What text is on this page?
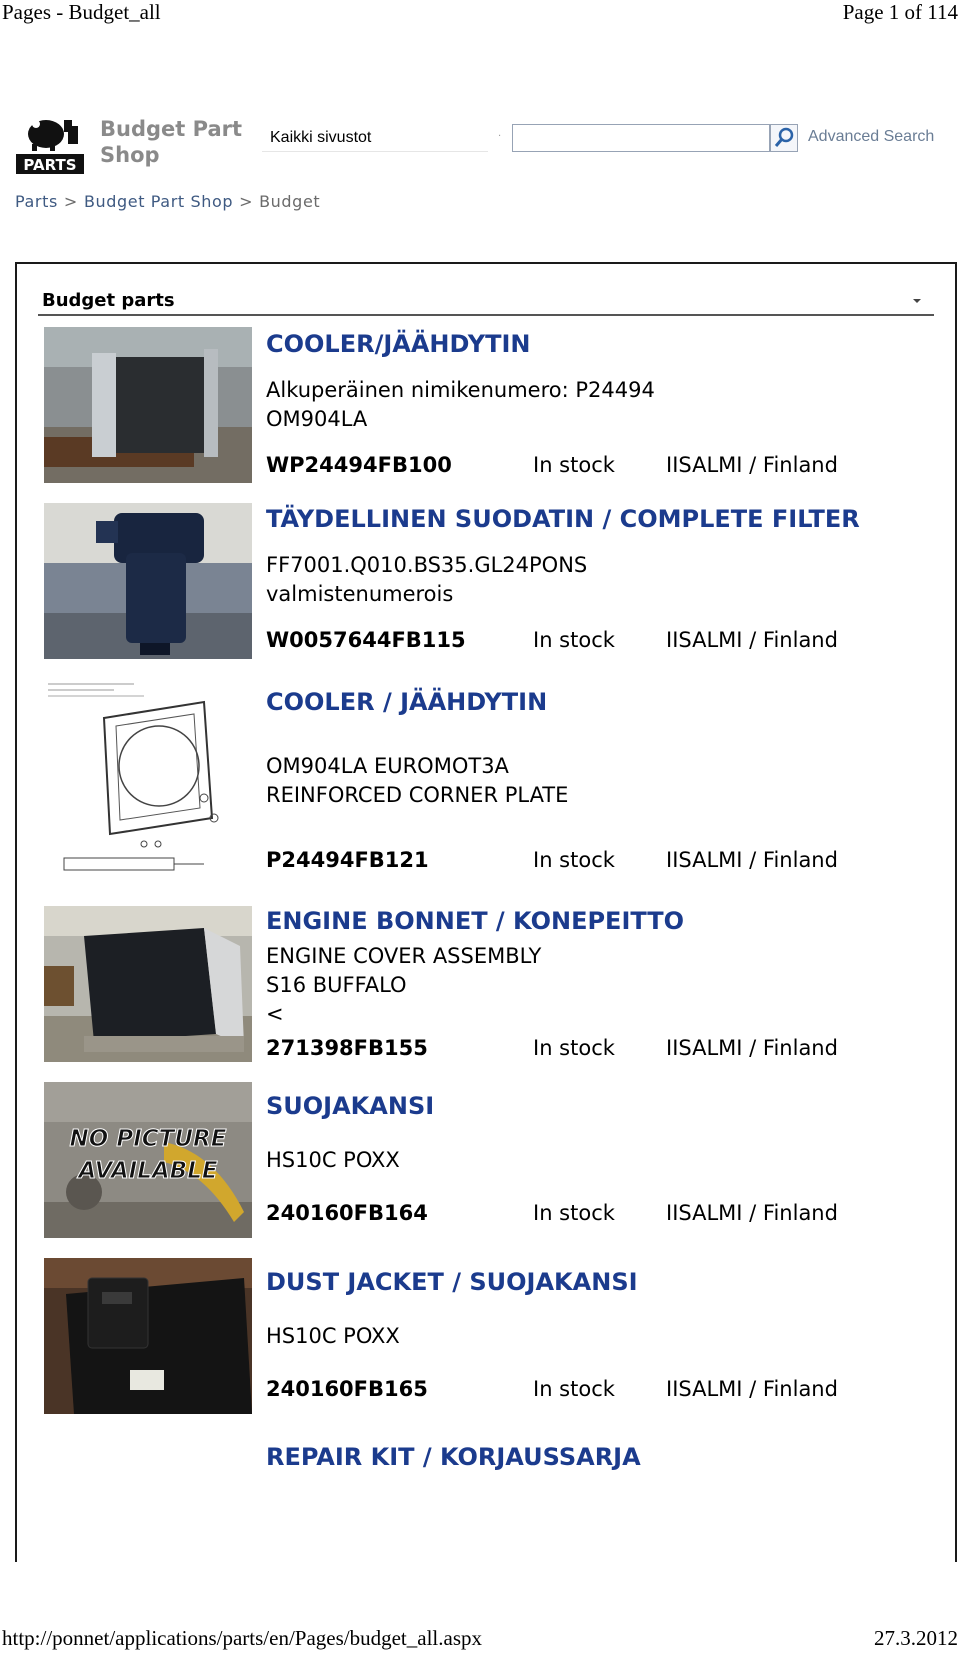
Pages - Budget_all	Page 1 of 114
PARTS
Budget Part Shop
Kaikki sivustot	·	Advanced Search
Parts > Budget Part Shop > Budget
Budget parts
COOLER/JÄÄHDYTIN
Alkuperäinen nimikenumero: P24494
OM904LA
WP24494FB100	In stock IISALMI / Finland
TÄYDELLINEN SUODATIN / COMPLETE FILTER
FF7001.Q010.BS35.GL24PONS
valmistenumerois
W0057644FB115	In stock IISALMI / Finland
COOLER / JÄÄHDYTIN
OM904LA EUROMOT3A
REINFORCED CORNER PLATE
P24494FB121	In stock IISALMI / Finland
ENGINE BONNET / KONEPEITTO
ENGINE COVER ASSEMBLY
S16 BUFFALO
<
271398FB155	In stock IISALMI / Finland
NO PICTURE
AVAILABLE
SUOJAKANSI
HS10C POXX
240160FB164	In stock IISALMI / Finland
DUST JACKET / SUOJAKANSI
HS10C POXX
240160FB165	In stock IISALMI / Finland
REPAIR KIT / KORJAUSSARJA
http://ponnet/applications/parts/en/Pages/budget_all.aspx	27.3.2012
